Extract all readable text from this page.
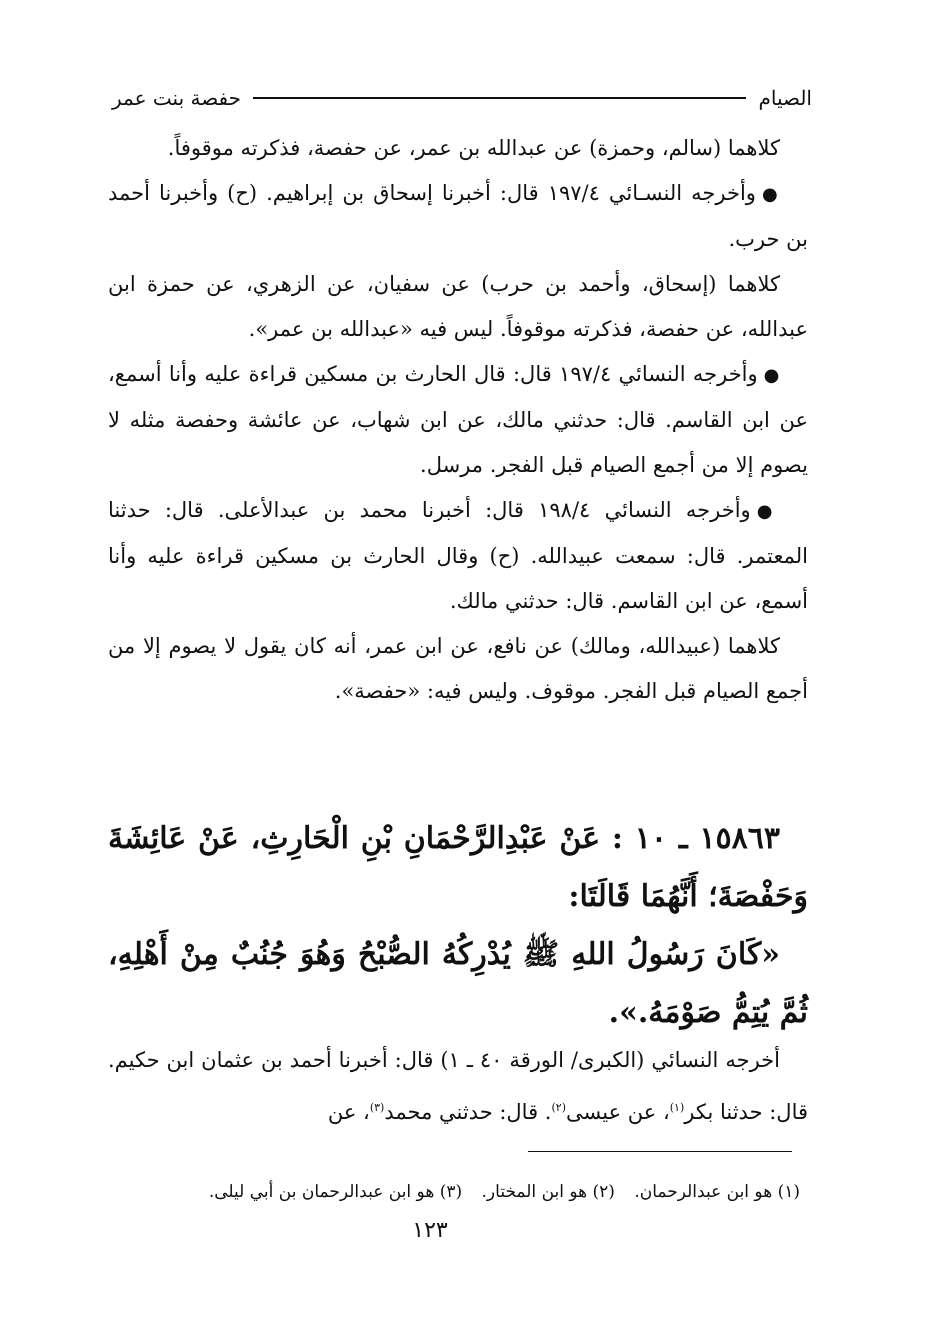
الصيام
حفصة بنت عمر

كلاهما (سالم، وحمزة) عن عبدالله بن عمر، عن حفصة، فذكرته موقوفاً.

● وأخرجه النسـائي ١٩٧/٤ قال: أخبرنا إسحاق بن إبراهيم. (ح) وأخبرنا أحمد بن حرب.

كلاهما (إسحاق، وأحمد بن حرب) عن سفيان، عن الزهري، عن حمزة ابن عبدالله، عن حفصة، فذكرته موقوفاً. ليس فيه «عبدالله بن عمر».

● وأخرجه النسائي ١٩٧/٤ قال: قال الحارث بن مسكين قراءة عليه وأنا أسمع، عن ابن القاسم. قال: حدثني مالك، عن ابن شهاب، عن عائشة وحفصة مثله لا يصوم إلا من أجمع الصيام قبل الفجر. مرسل.

● وأخرجه النسائي ١٩٨/٤ قال: أخبرنا محمد بن عبدالأعلى. قال: حدثنا المعتمر. قال: سمعت عبيدالله. (ح) وقال الحارث بن مسكين قراءة عليه وأنا أسمع، عن ابن القاسم. قال: حدثني مالك.

كلاهما (عبيدالله، ومالك) عن نافع، عن ابن عمر، أنه كان يقول لا يصوم إلا من أجمع الصيام قبل الفجر. موقوف. وليس فيه: «حفصة».

١٥٨٦٣ ـ ١٠ : عَنْ عَبْدِالرَّحْمَانِ بْنِ الْحَارِثِ، عَنْ عَائِشَةَ وَحَفْصَةَ؛ أَنَّهُمَا قَالَتَا:

«كَانَ رَسُولُ اللهِ ﷺ يُدْرِكُهُ الصُّبْحُ وَهُوَ جُنُبٌ مِنْ أَهْلِهِ، ثُمَّ يُتِمُّ صَوْمَهُ.».

أخرجه النسائي (الكبرى/ الورقة ٤٠ ـ ١) قال: أخبرنا أحمد بن عثمان ابن حكيم. قال: حدثنا بكر$^{(١)}$، عن عيسى$^{(٢)}$. قال: حدثني محمد$^{(٣)}$، عن

(١) هو ابن عبدالرحمان. (٢) هو ابن المختار. (٣) هو ابن عبدالرحمان بن أبي ليلى.
١٢٣
